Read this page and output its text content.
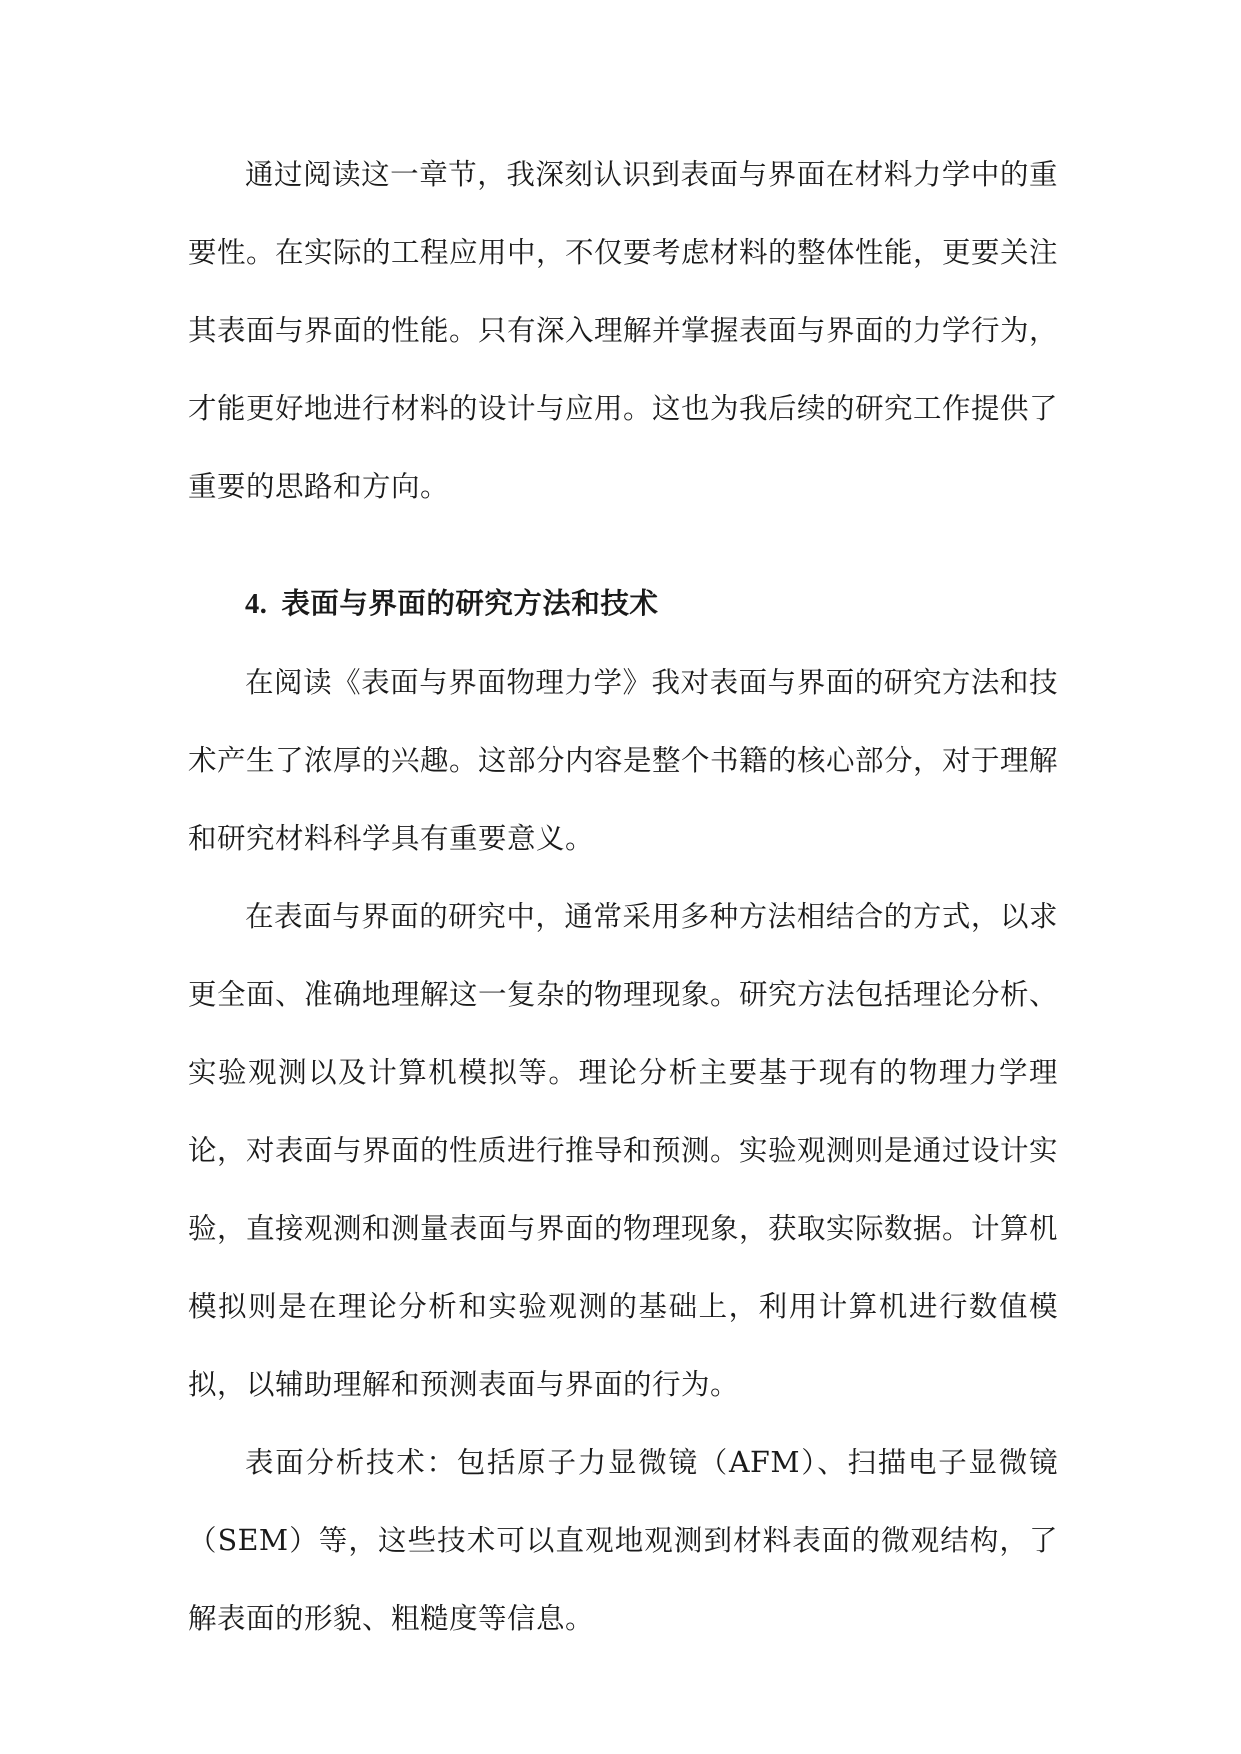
通过阅读这一章节，我深刻认识到表面与界面在材料力学中的重要性。在实际的工程应用中，不仅要考虑材料的整体性能，更要关注其表面与界面的性能。只有深入理解并掌握表面与界面的力学行为，才能更好地进行材料的设计与应用。这也为我后续的研究工作提供了重要的思路和方向。

4. 表面与界面的研究方法和技术

在阅读《表面与界面物理力学》我对表面与界面的研究方法和技术产生了浓厚的兴趣。这部分内容是整个书籍的核心部分，对于理解和研究材料科学具有重要意义。

在表面与界面的研究中，通常采用多种方法相结合的方式，以求更全面、准确地理解这一复杂的物理现象。研究方法包括理论分析、实验观测以及计算机模拟等。理论分析主要基于现有的物理力学理论，对表面与界面的性质进行推导和预测。实验观测则是通过设计实验，直接观测和测量表面与界面的物理现象，获取实际数据。计算机模拟则是在理论分析和实验观测的基础上，利用计算机进行数值模拟，以辅助理解和预测表面与界面的行为。

表面分析技术：包括原子力显微镜（AFM）、扫描电子显微镜（SEM）等，这些技术可以直观地观测到材料表面的微观结构，了解表面的形貌、粗糙度等信息。
